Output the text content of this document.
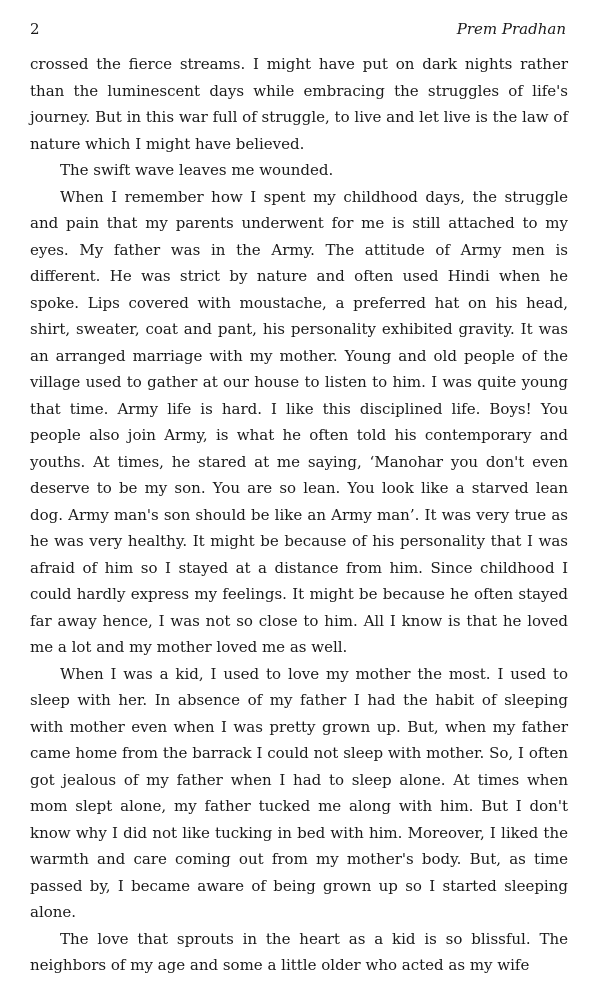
2	Prem Pradhan

crossed the fierce streams. I might have put on dark nights rather than the luminescent days while embracing the struggles of life's journey. But in this war full of struggle, to live and let live is the law of nature which I might have believed.

The swift wave leaves me wounded.

When I remember how I spent my childhood days, the struggle and pain that my parents underwent for me is still attached to my eyes. My father was in the Army. The attitude of Army men is different. He was strict by nature and often used Hindi when he spoke. Lips covered with moustache, a preferred hat on his head, shirt, sweater, coat and pant, his personality exhibited gravity. It was an arranged marriage with my mother. Young and old people of the village used to gather at our house to listen to him. I was quite young that time. Army life is hard. I like this disciplined life. Boys! You people also join Army, is what he often told his contemporary and youths. At times, he stared at me saying, ‘Manohar you don't even deserve to be my son. You are so lean. You look like a starved lean dog. Army man's son should be like an Army man’. It was very true as he was very healthy. It might be because of his personality that I was afraid of him so I stayed at a distance from him. Since childhood I could hardly express my feelings. It might be because he often stayed far away hence, I was not so close to him. All I know is that he loved me a lot and my mother loved me as well.

When I was a kid, I used to love my mother the most. I used to sleep with her. In absence of my father I had the habit of sleeping with mother even when I was pretty grown up. But, when my father came home from the barrack I could not sleep with mother. So, I often got jealous of my father when I had to sleep alone. At times when mom slept alone, my father tucked me along with him. But I don't know why I did not like tucking in bed with him. Moreover, I liked the warmth and care coming out from my mother's body. But, as time passed by, I became aware of being grown up so I started sleeping alone.

The love that sprouts in the heart as a kid is so blissful. The neighbors of my age and some a little older who acted as my wife
